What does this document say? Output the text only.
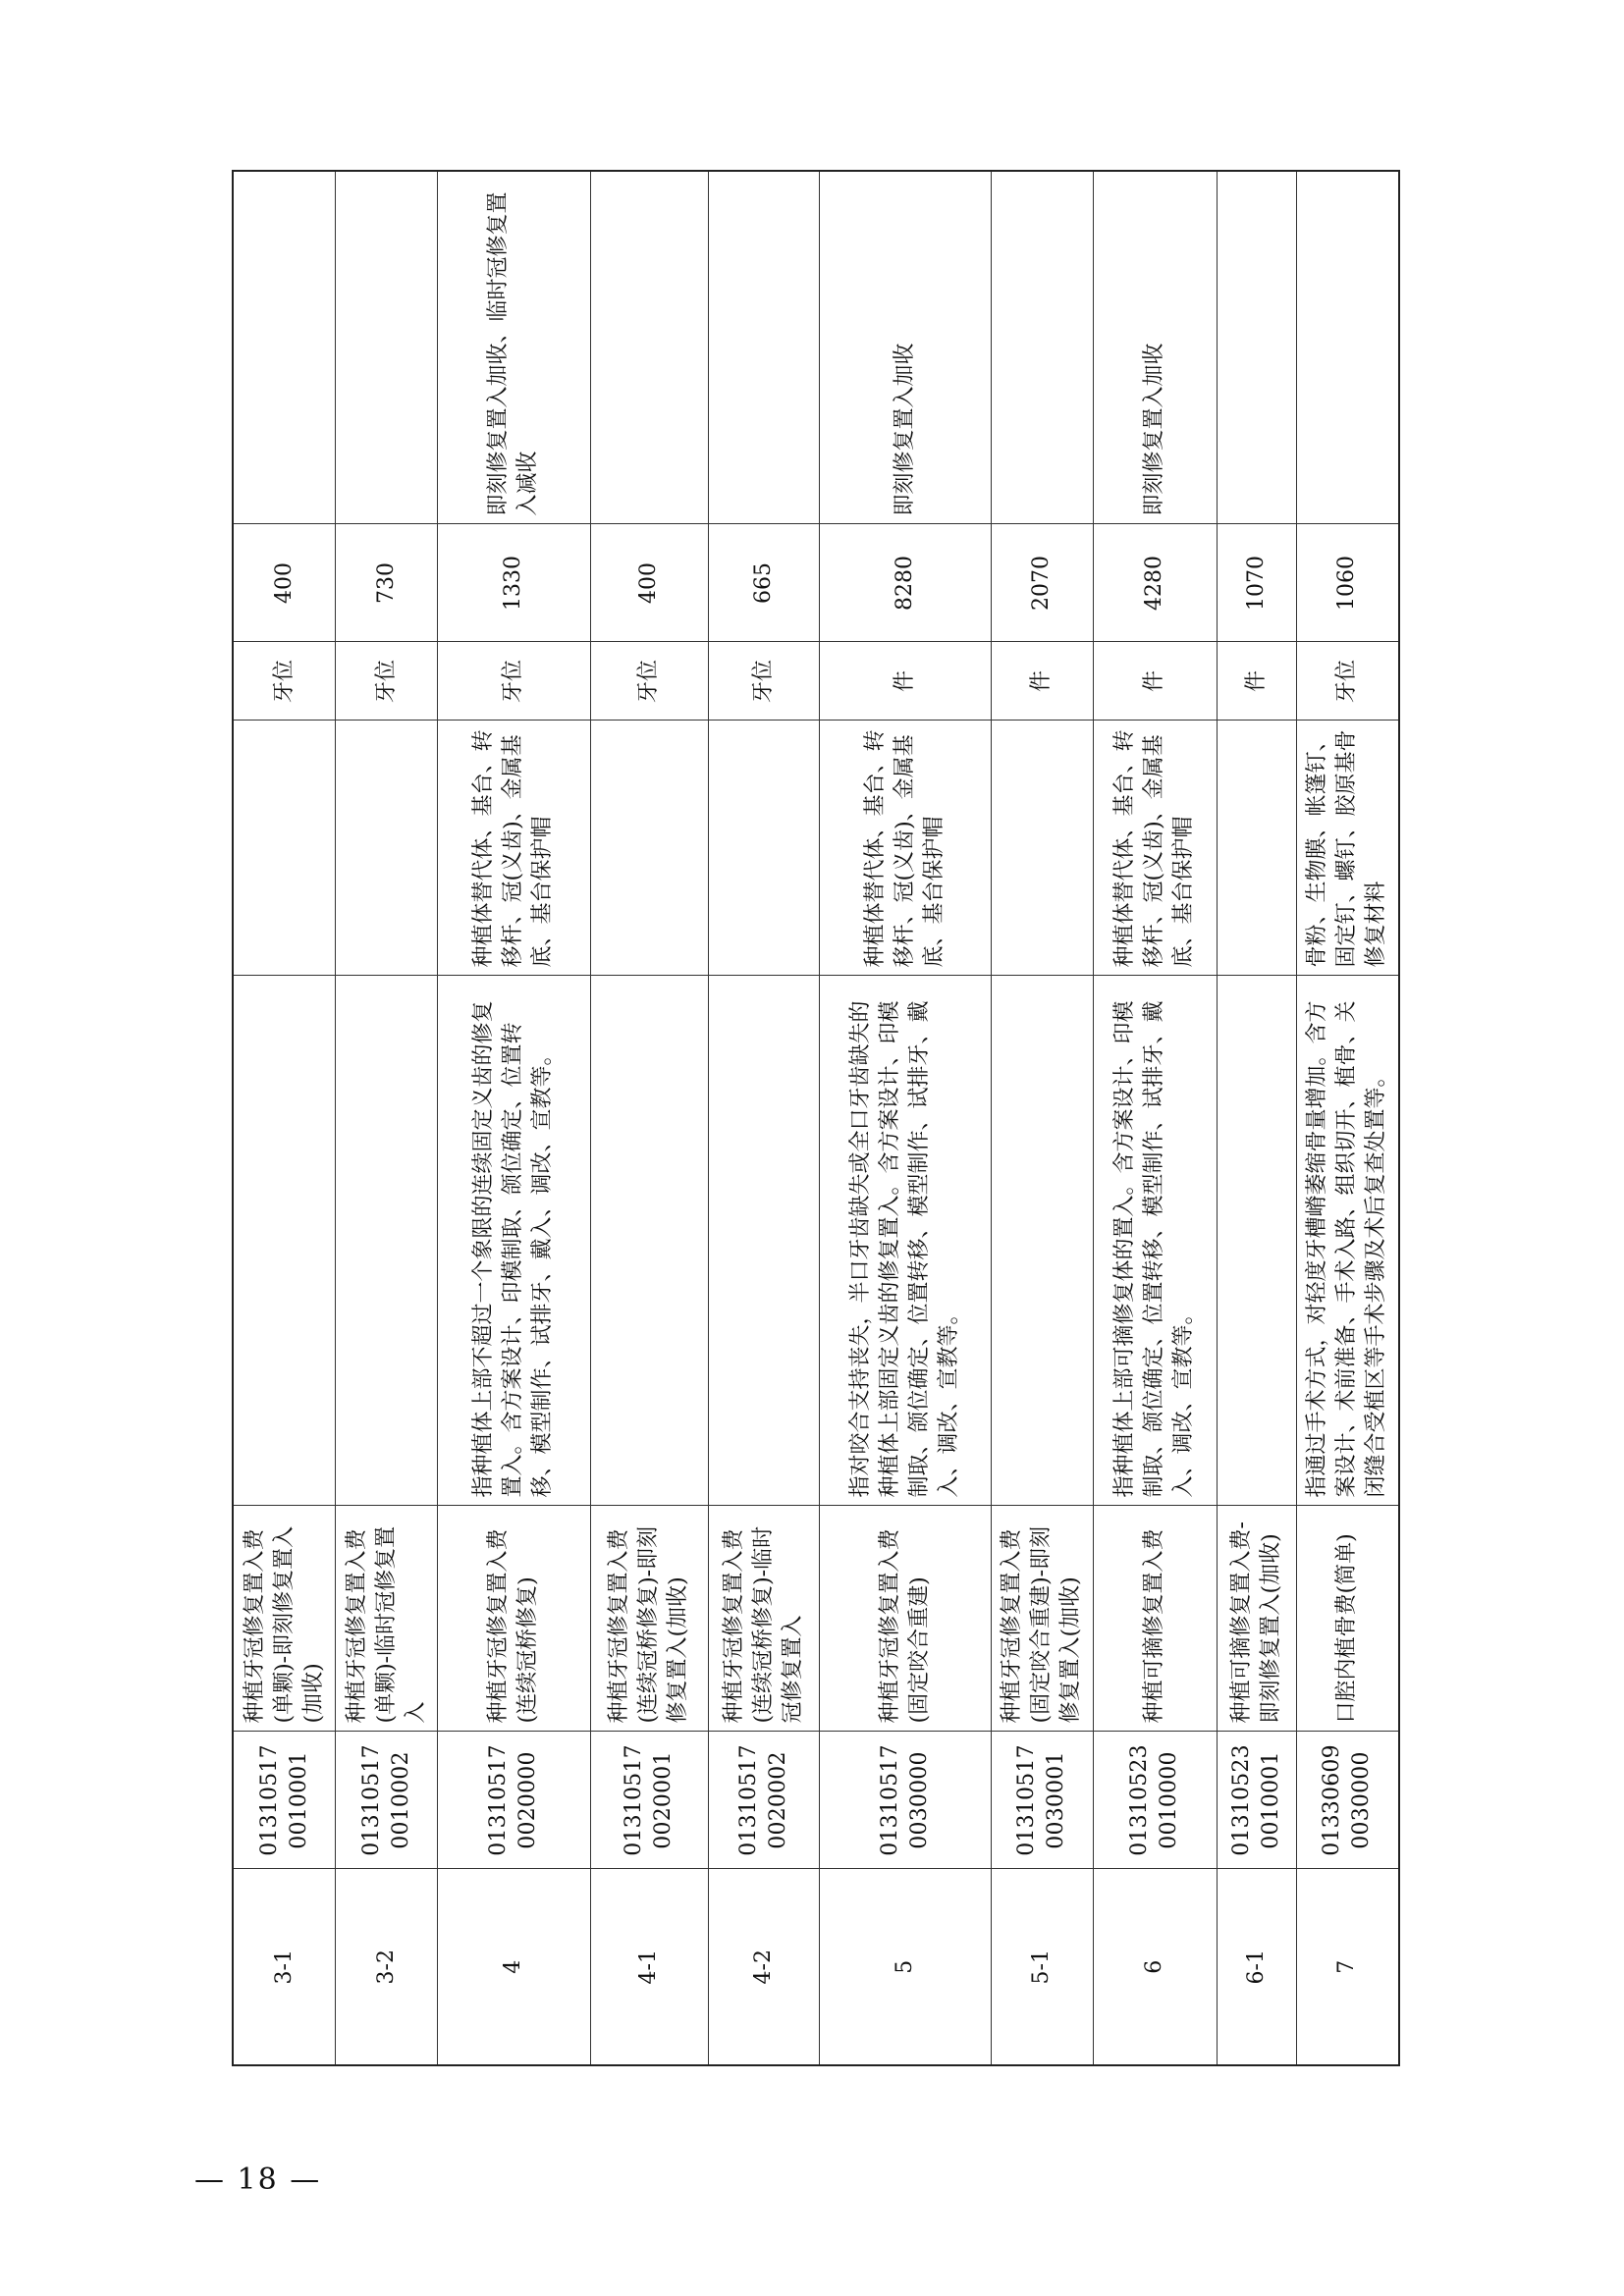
3-1	013105170010001	种植牙冠修复置入费(单颗)-即刻修复置入(加收)			牙位	400	
3-2	013105170010002	种植牙冠修复置入费(单颗)-临时冠修复置入			牙位	730	
4	013105170020000	种植牙冠修复置入费(连续冠桥修复)	指种植体上部不超过一个象限的连续固定义齿的修复置入。含方案设计、印模制取、颌位确定、位置转移、模型制作、试排牙、戴入、调改、宣教等。	种植体替代体、基台、转移杆、冠(义齿)、金属基底、基台保护帽	牙位	1330	即刻修复置入加收、临时冠修复置入减收
4-1	013105170020001	种植牙冠修复置入费(连续冠桥修复)-即刻修复置入(加收)			牙位	400	
4-2	013105170020002	种植牙冠修复置入费(连续冠桥修复)-临时冠修复置入			牙位	665	
5	013105170030000	种植牙冠修复置入费(固定咬合重建)	指对咬合支持丧失，半口牙齿缺失或全口牙齿缺失的种植体上部固定义齿的修复置入。含方案设计、印模制取、颌位确定、位置转移、模型制作、试排牙、戴入、调改、宣教等。	种植体替代体、基台、转移杆、冠(义齿)、金属基底、基台保护帽	件	8280	即刻修复置入加收
5-1	013105170030001	种植牙冠修复置入费(固定咬合重建)-即刻修复置入(加收)			件	2070	
6	013105230010000	种植可摘修复置入费	指种植体上部可摘修复体的置入。含方案设计、印模制取、颌位确定、位置转移、模型制作、试排牙、戴入、调改、宣教等。	种植体替代体、基台、转移杆、冠(义齿)、金属基底、基台保护帽	件	4280	即刻修复置入加收
6-1	013105230010001	种植可摘修复置入费-即刻修复置入(加收)			件	1070	
7	013306090030000	口腔内植骨费(简单)	指通过手术方式，对轻度牙槽嵴萎缩骨量增加。含方案设计、术前准备、手术入路、组织切开、植骨、关闭缝合受植区等手术步骤及术后复查处置等。	骨粉、生物膜、帐篷钉、固定钉、螺钉、胶原基骨修复材料	牙位	1060	
— 18 —
